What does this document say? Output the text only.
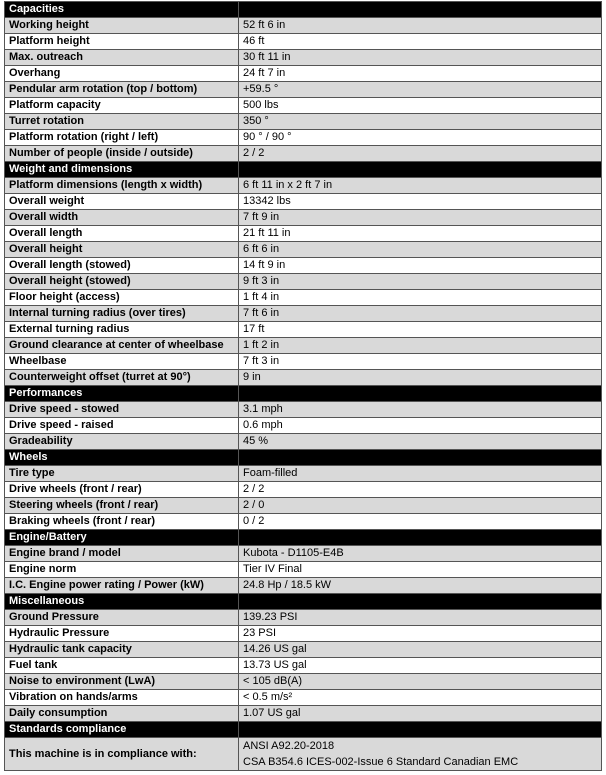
Capacities	
Working height	52 ft 6 in
Platform height	46 ft
Max. outreach	30 ft 11 in
Overhang	24 ft 7 in
Pendular arm rotation (top / bottom)	+59.5 °
Platform capacity	500 lbs
Turret rotation	350 °
Platform rotation (right / left)	90 ° / 90 °
Number of people (inside / outside)	2 / 2
Weight and dimensions	
Platform dimensions (length x width)	6 ft 11 in x 2 ft 7 in
Overall weight	13342 lbs
Overall width	7 ft 9 in
Overall length	21 ft 11 in
Overall height	6 ft 6 in
Overall length (stowed)	14 ft 9 in
Overall height (stowed)	9 ft 3 in
Floor height (access)	1 ft 4 in
Internal turning radius (over tires)	7 ft 6 in
External turning radius	17 ft
Ground clearance at center of wheelbase	1 ft 2 in
Wheelbase	7 ft 3 in
Counterweight offset (turret at 90°)	9 in
Performances	
Drive speed - stowed	3.1 mph
Drive speed - raised	0.6 mph
Gradeability	45 %
Wheels	
Tire type	Foam-filled
Drive wheels (front / rear)	2 / 2
Steering wheels (front / rear)	2 / 0
Braking wheels (front / rear)	0 / 2
Engine/Battery	
Engine brand / model	Kubota - D1105-E4B
Engine norm	Tier IV Final
I.C. Engine power rating / Power (kW)	24.8 Hp / 18.5 kW
Miscellaneous	
Ground Pressure	139.23 PSI
Hydraulic Pressure	23 PSI
Hydraulic tank capacity	14.26 US gal
Fuel tank	13.73 US gal
Noise to environment (LwA)	< 105 dB(A)
Vibration on hands/arms	< 0.5 m/s²
Daily consumption	1.07 US gal
Standards compliance	
This machine is in compliance with:	ANSI A92.20-2018
CSA B354.6 ICES-002-Issue 6 Standard Canadian EMC
